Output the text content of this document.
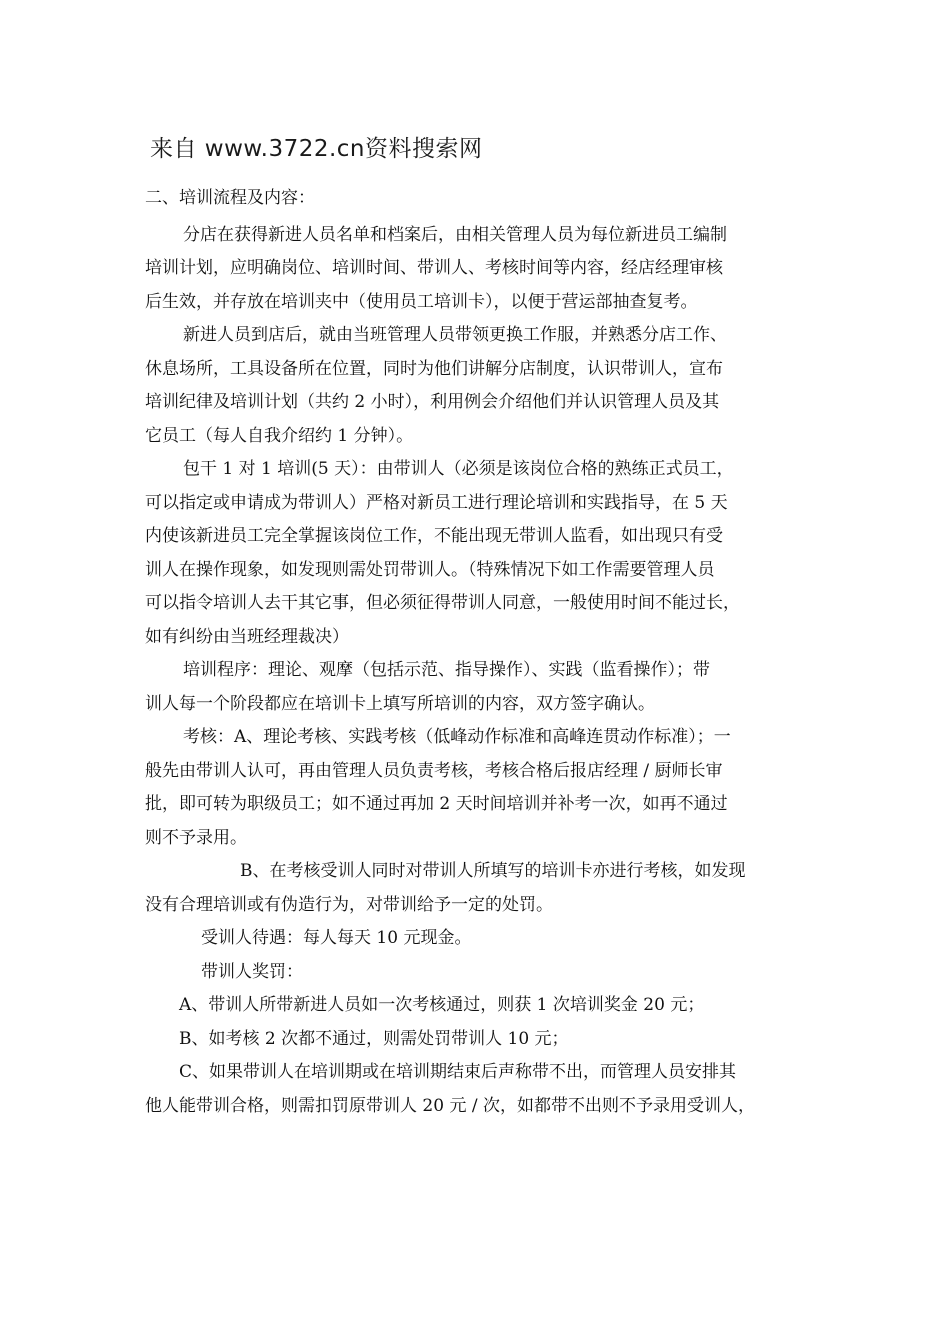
来自 www.3722.cn资料搜索网

二、培训流程及内容：

分店在获得新进人员名单和档案后，由相关管理人员为每位新进员工编制
培训计划，应明确岗位、培训时间、带训人、考核时间等内容，经店经理审核
后生效，并存放在培训夹中（使用员工培训卡），以便于营运部抽查复考。

新进人员到店后，就由当班管理人员带领更换工作服，并熟悉分店工作、
休息场所，工具设备所在位置，同时为他们讲解分店制度，认识带训人，宣布
培训纪律及培训计划（共约 2 小时），利用例会介绍他们并认识管理人员及其
它员工（每人自我介绍约 1 分钟）。

包干 1 对 1 培训(5 天）：由带训人（必须是该岗位合格的熟练正式员工，
可以指定或申请成为带训人）严格对新员工进行理论培训和实践指导，在 5 天
内使该新进员工完全掌握该岗位工作，不能出现无带训人监看，如出现只有受
训人在操作现象，如发现则需处罚带训人。（特殊情况下如工作需要管理人员
可以指令培训人去干其它事，但必须征得带训人同意，一般使用时间不能过长，
如有纠纷由当班经理裁决）

培训程序：理论、观摩（包括示范、指导操作）、实践（监看操作）；带
训人每一个阶段都应在培训卡上填写所培训的内容，双方签字确认。

考核：A、理论考核、实践考核（低峰动作标准和高峰连贯动作标准）；一
般先由带训人认可，再由管理人员负责考核，考核合格后报店经理 / 厨师长审
批，即可转为职级员工；如不通过再加 2 天时间培训并补考一次，如再不通过
则不予录用。

B、在考核受训人同时对带训人所填写的培训卡亦进行考核，如发现
没有合理培训或有伪造行为，对带训给予一定的处罚。

受训人待遇：每人每天 10 元现金。

带训人奖罚：

A、带训人所带新进人员如一次考核通过，则获 1 次培训奖金 20 元；

B、如考核 2 次都不通过，则需处罚带训人 10 元；

C、如果带训人在培训期或在培训期结束后声称带不出，而管理人员安排其
他人能带训合格，则需扣罚原带训人 20 元 / 次，如都带不出则不予录用受训人，
